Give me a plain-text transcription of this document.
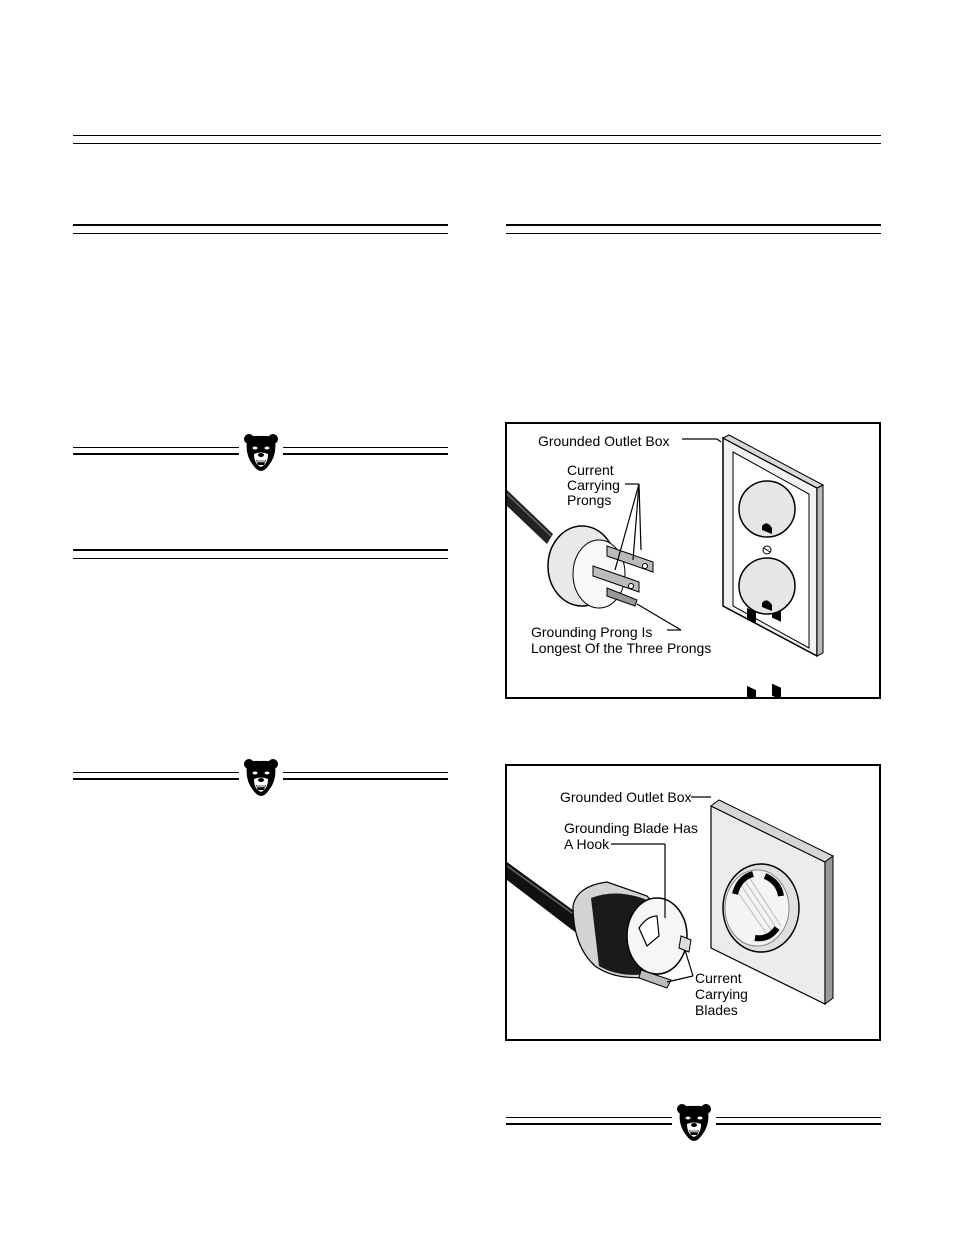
Grounded Outlet Box
Current
Carrying
Prongs
Grounding Prong Is
Longest Of the Three Prongs
Grounded Outlet Box
Grounding Blade Has
A Hook
Current
Carrying
Blades
